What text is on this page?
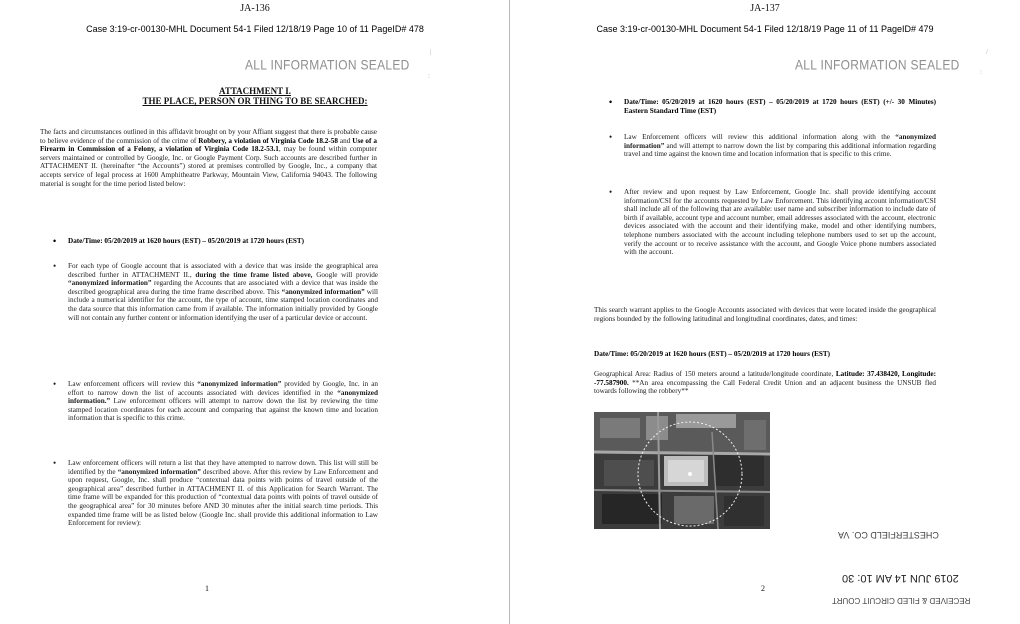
JA-136
Case 3:19-cr-00130-MHL Document 54-1 Filed 12/18/19 Page 10 of 11 PageID# 478
ALL INFORMATION SEALED
ATTACHMENT I.
THE PLACE, PERSON OR THING TO BE SEARCHED:
The facts and circumstances outlined in this affidavit brought on by your Affiant suggest that there is probable cause to believe evidence of the commission of the crime of Robbery, a violation of Virginia Code 18.2-58 and Use of a Firearm in Commission of a Felony, a violation of Virginia Code 18.2-53.1, may be found within computer servers maintained or controlled by Google, Inc. or Google Payment Corp. Such accounts are described further in ATTACHMENT II. (hereinafter “the Accounts”) stored at premises controlled by Google, Inc., a company that accepts service of legal process at 1600 Amphitheatre Parkway, Mountain View, California 94043. The following material is sought for the time period listed below:
• Date/Time: 05/20/2019 at 1620 hours (EST) – 05/20/2019 at 1720 hours (EST)
• For each type of Google account that is associated with a device that was inside the geographical area described further in ATTACHMENT II., during the time frame listed above, Google will provide “anonymized information” regarding the Accounts that are associated with a device that was inside the described geographical area during the time frame described above. This “anonymized information” will include a numerical identifier for the account, the type of account, time stamped location coordinates and the data source that this information came from if available. The information initially provided by Google will not contain any further content or information identifying the user of a particular device or account.
• Law enforcement officers will review this “anonymized information” provided by Google, Inc. in an effort to narrow down the list of accounts associated with devices identified in the “anonymized information.” Law enforcement officers will attempt to narrow down the list by reviewing the time stamped location coordinates for each account and comparing that against the known time and location information that is specific to this crime.
• Law enforcement officers will return a list that they have attempted to narrow down. This list will still be identified by the “anonymized information” described above. After this review by Law Enforcement and upon request, Google, Inc. shall produce “contextual data points with points of travel outside of the geographical area” described further in ATTACHMENT II. of this Application for Search Warrant. The time frame will be expanded for this production of “contextual data points with points of travel outside of the geographical area” for 30 minutes before AND 30 minutes after the initial search time periods. This expanded time frame will be as listed below (Google Inc. shall provide this additional information to Law Enforcement for review):
1
|
:
JA-137
Case 3:19-cr-00130-MHL Document 54-1 Filed 12/18/19 Page 11 of 11 PageID# 479
ALL INFORMATION SEALED
• Date/Time: 05/20/2019 at 1620 hours (EST) – 05/20/2019 at 1720 hours (EST) (+/- 30 Minutes) Eastern Standard Time (EST)
• Law Enforcement officers will review this additional information along with the “anonymized information” and will attempt to narrow down the list by comparing this additional information regarding travel and time against the known time and location information that is specific to this crime.
• After review and upon request by Law Enforcement, Google Inc. shall provide identifying account information/CSI for the accounts requested by Law Enforcement. This identifying account information/CSI shall include all of the following that are available: user name and subscriber information to include date of birth if available, account type and account number, email addresses associated with the account, electronic devices associated with the account and their identifying make, model and other identifying numbers, telephone numbers associated with the account including telephone numbers used to set up the account, verify the account or to receive assistance with the account, and Google Voice phone numbers associated with the account.
This search warrant applies to the Google Accounts associated with devices that were located inside the geographical regions bounded by the following latitudinal and longitudinal coordinates, dates, and times:
Date/Time: 05/20/2019 at 1620 hours (EST) – 05/20/2019 at 1720 hours (EST)
Geographical Area: Radius of 150 meters around a latitude/longitude coordinate, Latitude: 37.438420, Longitude: -77.587900. **An area encompassing the Call Federal Credit Union and an adjacent business the UNSUB fled towards following the robbery**
2
/
:
CHESTERFIELD CO. VA
2019 JUN 14 AM 10: 30
RECEIVED & FILED CIRCUIT COURT
